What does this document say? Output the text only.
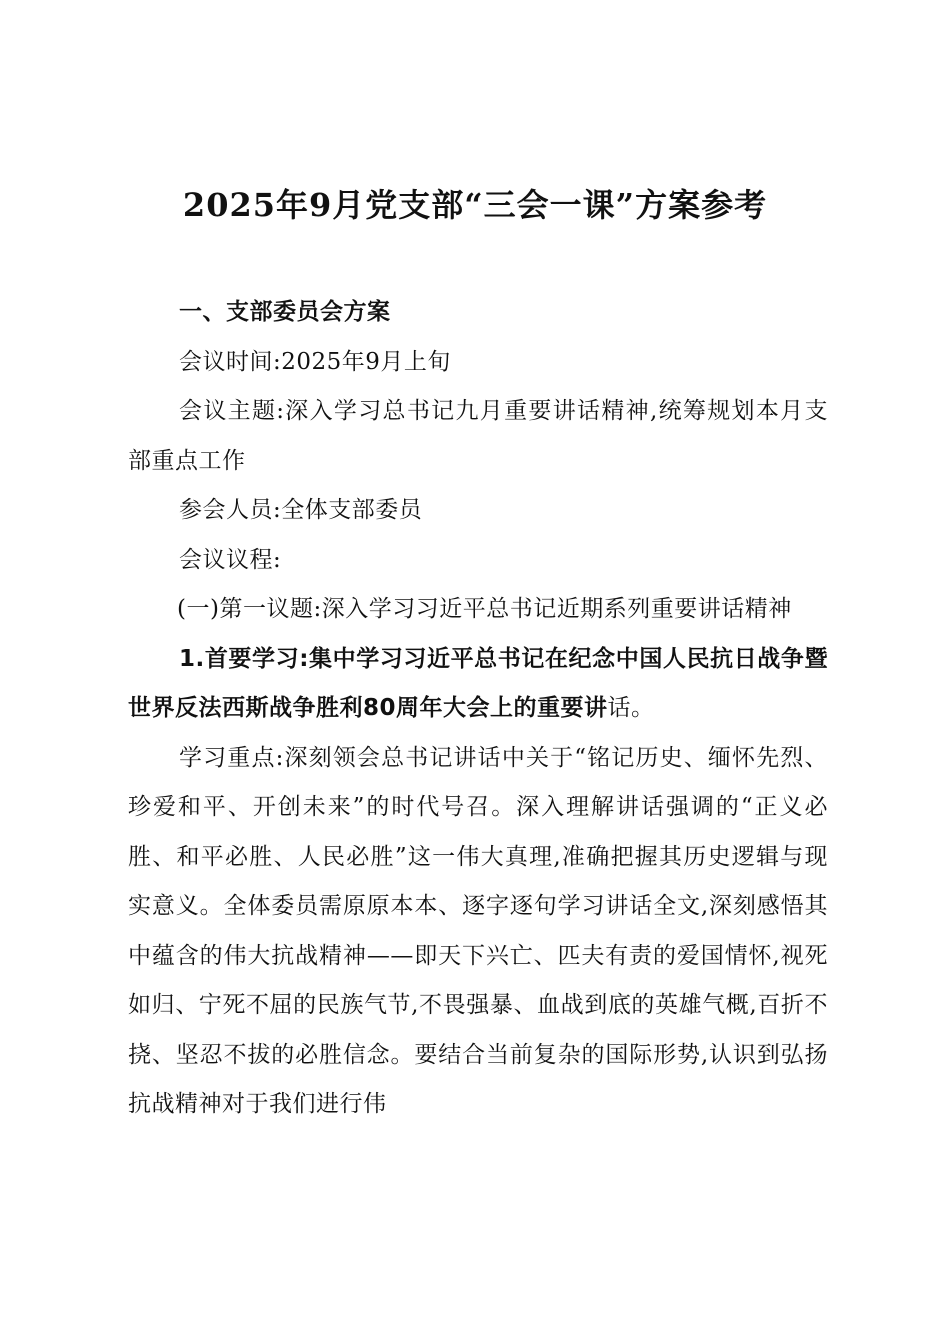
2025年9月党支部“三会一课”方案参考

一、支部委员会方案

会议时间:2025年9月上旬

会议主题:深入学习总书记九月重要讲话精神,统筹规划本月支部重点工作

参会人员:全体支部委员

会议议程:

(一)第一议题:深入学习习近平总书记近期系列重要讲话精神

1.首要学习:集中学习习近平总书记在纪念中国人民抗日战争暨世界反法西斯战争胜利80周年大会上的重要讲话。

学习重点:深刻领会总书记讲话中关于“铭记历史、缅怀先烈、珍爱和平、开创未来”的时代号召。深入理解讲话强调的“正义必胜、和平必胜、人民必胜”这一伟大真理,准确把握其历史逻辑与现实意义。全体委员需原原本本、逐字逐句学习讲话全文,深刻感悟其中蕴含的伟大抗战精神——即天下兴亡、匹夫有责的爱国情怀,视死如归、宁死不屈的民族气节,不畏强暴、血战到底的英雄气概,百折不挠、坚忍不拔的必胜信念。要结合当前复杂的国际形势,认识到弘扬抗战精神对于我们进行伟
